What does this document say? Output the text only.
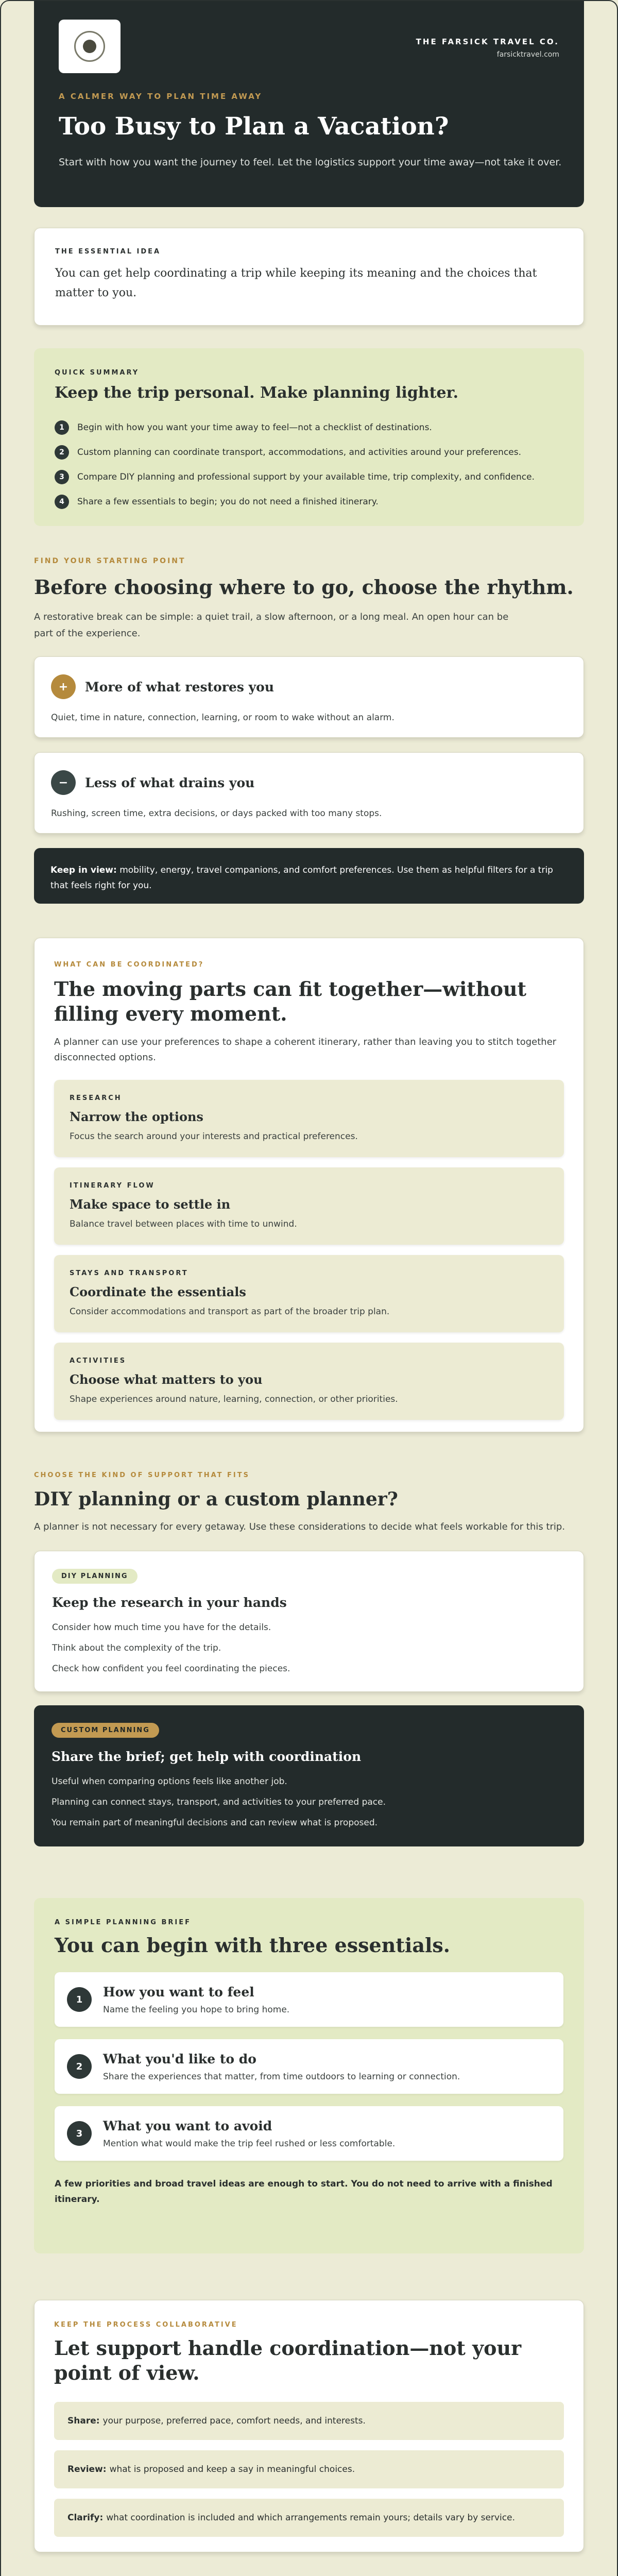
THE FARSICK TRAVEL CO.
farsicktravel.com
A CALMER WAY TO PLAN TIME AWAY
Too Busy to Plan a Vacation?

Start with how you want the journey to feel. Let the logistics support your time away—not take it over.

THE ESSENTIAL IDEA

You can get help coordinating a trip while keeping its meaning and the choices that matter to you.

QUICK SUMMARY
Keep the trip personal. Make planning lighter.
1	Begin with how you want your time away to feel—not a checklist of destinations.
2	Custom planning can coordinate transport, accommodations, and activities around your preferences.
3	Compare DIY planning and professional support by your available time, trip complexity, and confidence.
4	Share a few essentials to begin; you do not need a finished itinerary.
FIND YOUR STARTING POINT
Before choosing where to go, choose the rhythm.

A restorative break can be simple: a quiet trail, a slow afternoon, or a long meal. An open hour can be part of the experience.

+	More of what restores you

Quiet, time in nature, connection, learning, or room to wake without an alarm.

−	Less of what drains you

Rushing, screen time, extra decisions, or days packed with too many stops.

Keep in view: mobility, energy, travel companions, and comfort preferences. Use them as helpful filters for a trip that feels right for you.
WHAT CAN BE COORDINATED?
The moving parts can fit together—without filling every moment.

A planner can use your preferences to shape a coherent itinerary, rather than leaving you to stitch together disconnected options.

RESEARCH
Narrow the options

Focus the search around your interests and practical preferences.

ITINERARY FLOW
Make space to settle in

Balance travel between places with time to unwind.

STAYS AND TRANSPORT
Coordinate the essentials

Consider accommodations and transport as part of the broader trip plan.

ACTIVITIES
Choose what matters to you

Shape experiences around nature, learning, connection, or other priorities.

CHOOSE THE KIND OF SUPPORT THAT FITS
DIY planning or a custom planner?

A planner is not necessary for every getaway. Use these considerations to decide what feels workable for this trip.

DIY PLANNING
Keep the research in your hands

Consider how much time you have for the details.

Think about the complexity of the trip.

Check how confident you feel coordinating the pieces.

CUSTOM PLANNING
Share the brief; get help with coordination

Useful when comparing options feels like another job.

Planning can connect stays, transport, and activities to your preferred pace.

You remain part of meaningful decisions and can review what is proposed.

A SIMPLE PLANNING BRIEF
You can begin with three essentials.
1
How you want to feel

Name the feeling you hope to bring home.

2
What you'd like to do

Share the experiences that matter, from time outdoors to learning or connection.

3
What you want to avoid

Mention what would make the trip feel rushed or less comfortable.

A few priorities and broad travel ideas are enough to start. You do not need to arrive with a finished itinerary.

KEEP THE PROCESS COLLABORATIVE
Let support handle coordination—not your point of view.
Share: your purpose, preferred pace, comfort needs, and interests.
Review: what is proposed and keep a say in meaningful choices.
Clarify: what coordination is included and which arrangements remain yours; details vary by service.
